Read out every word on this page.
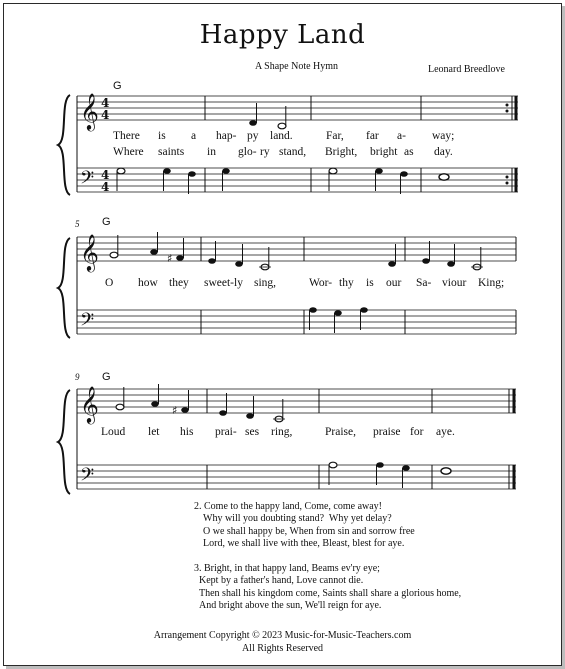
Happy Land
A Shape Note Hymn	Leonard Breedlove
G
𝄞
𝄢
4
4
4
4
5 G
𝄞
𝄢
♯
9 G
𝄞
𝄢
♯
There is a hap- py land.	Far, far a- way;
Where saints in glo- ry stand, Bright, bright as day.
O how they sweet-ly sing,	Wor- thy is our Sa- viour King;
Loud let his prai- ses ring,	Praise, praise for aye.
2. Come to the happy land, Come, come away!
Why will you doubting stand?  Why yet delay?
O we shall happy be, When from sin and sorrow free
Lord, we shall live with thee, Bleast, blest for aye.
3. Bright, in that happy land, Beams ev'ry eye;
Kept by a father's hand, Love cannot die.
Then shall his kingdom come, Saints shall share a glorious home,
And bright above the sun, We'll reign for aye.
Arrangement Copyright © 2023 Music-for-Music-Teachers.com
All Rights Reserved
